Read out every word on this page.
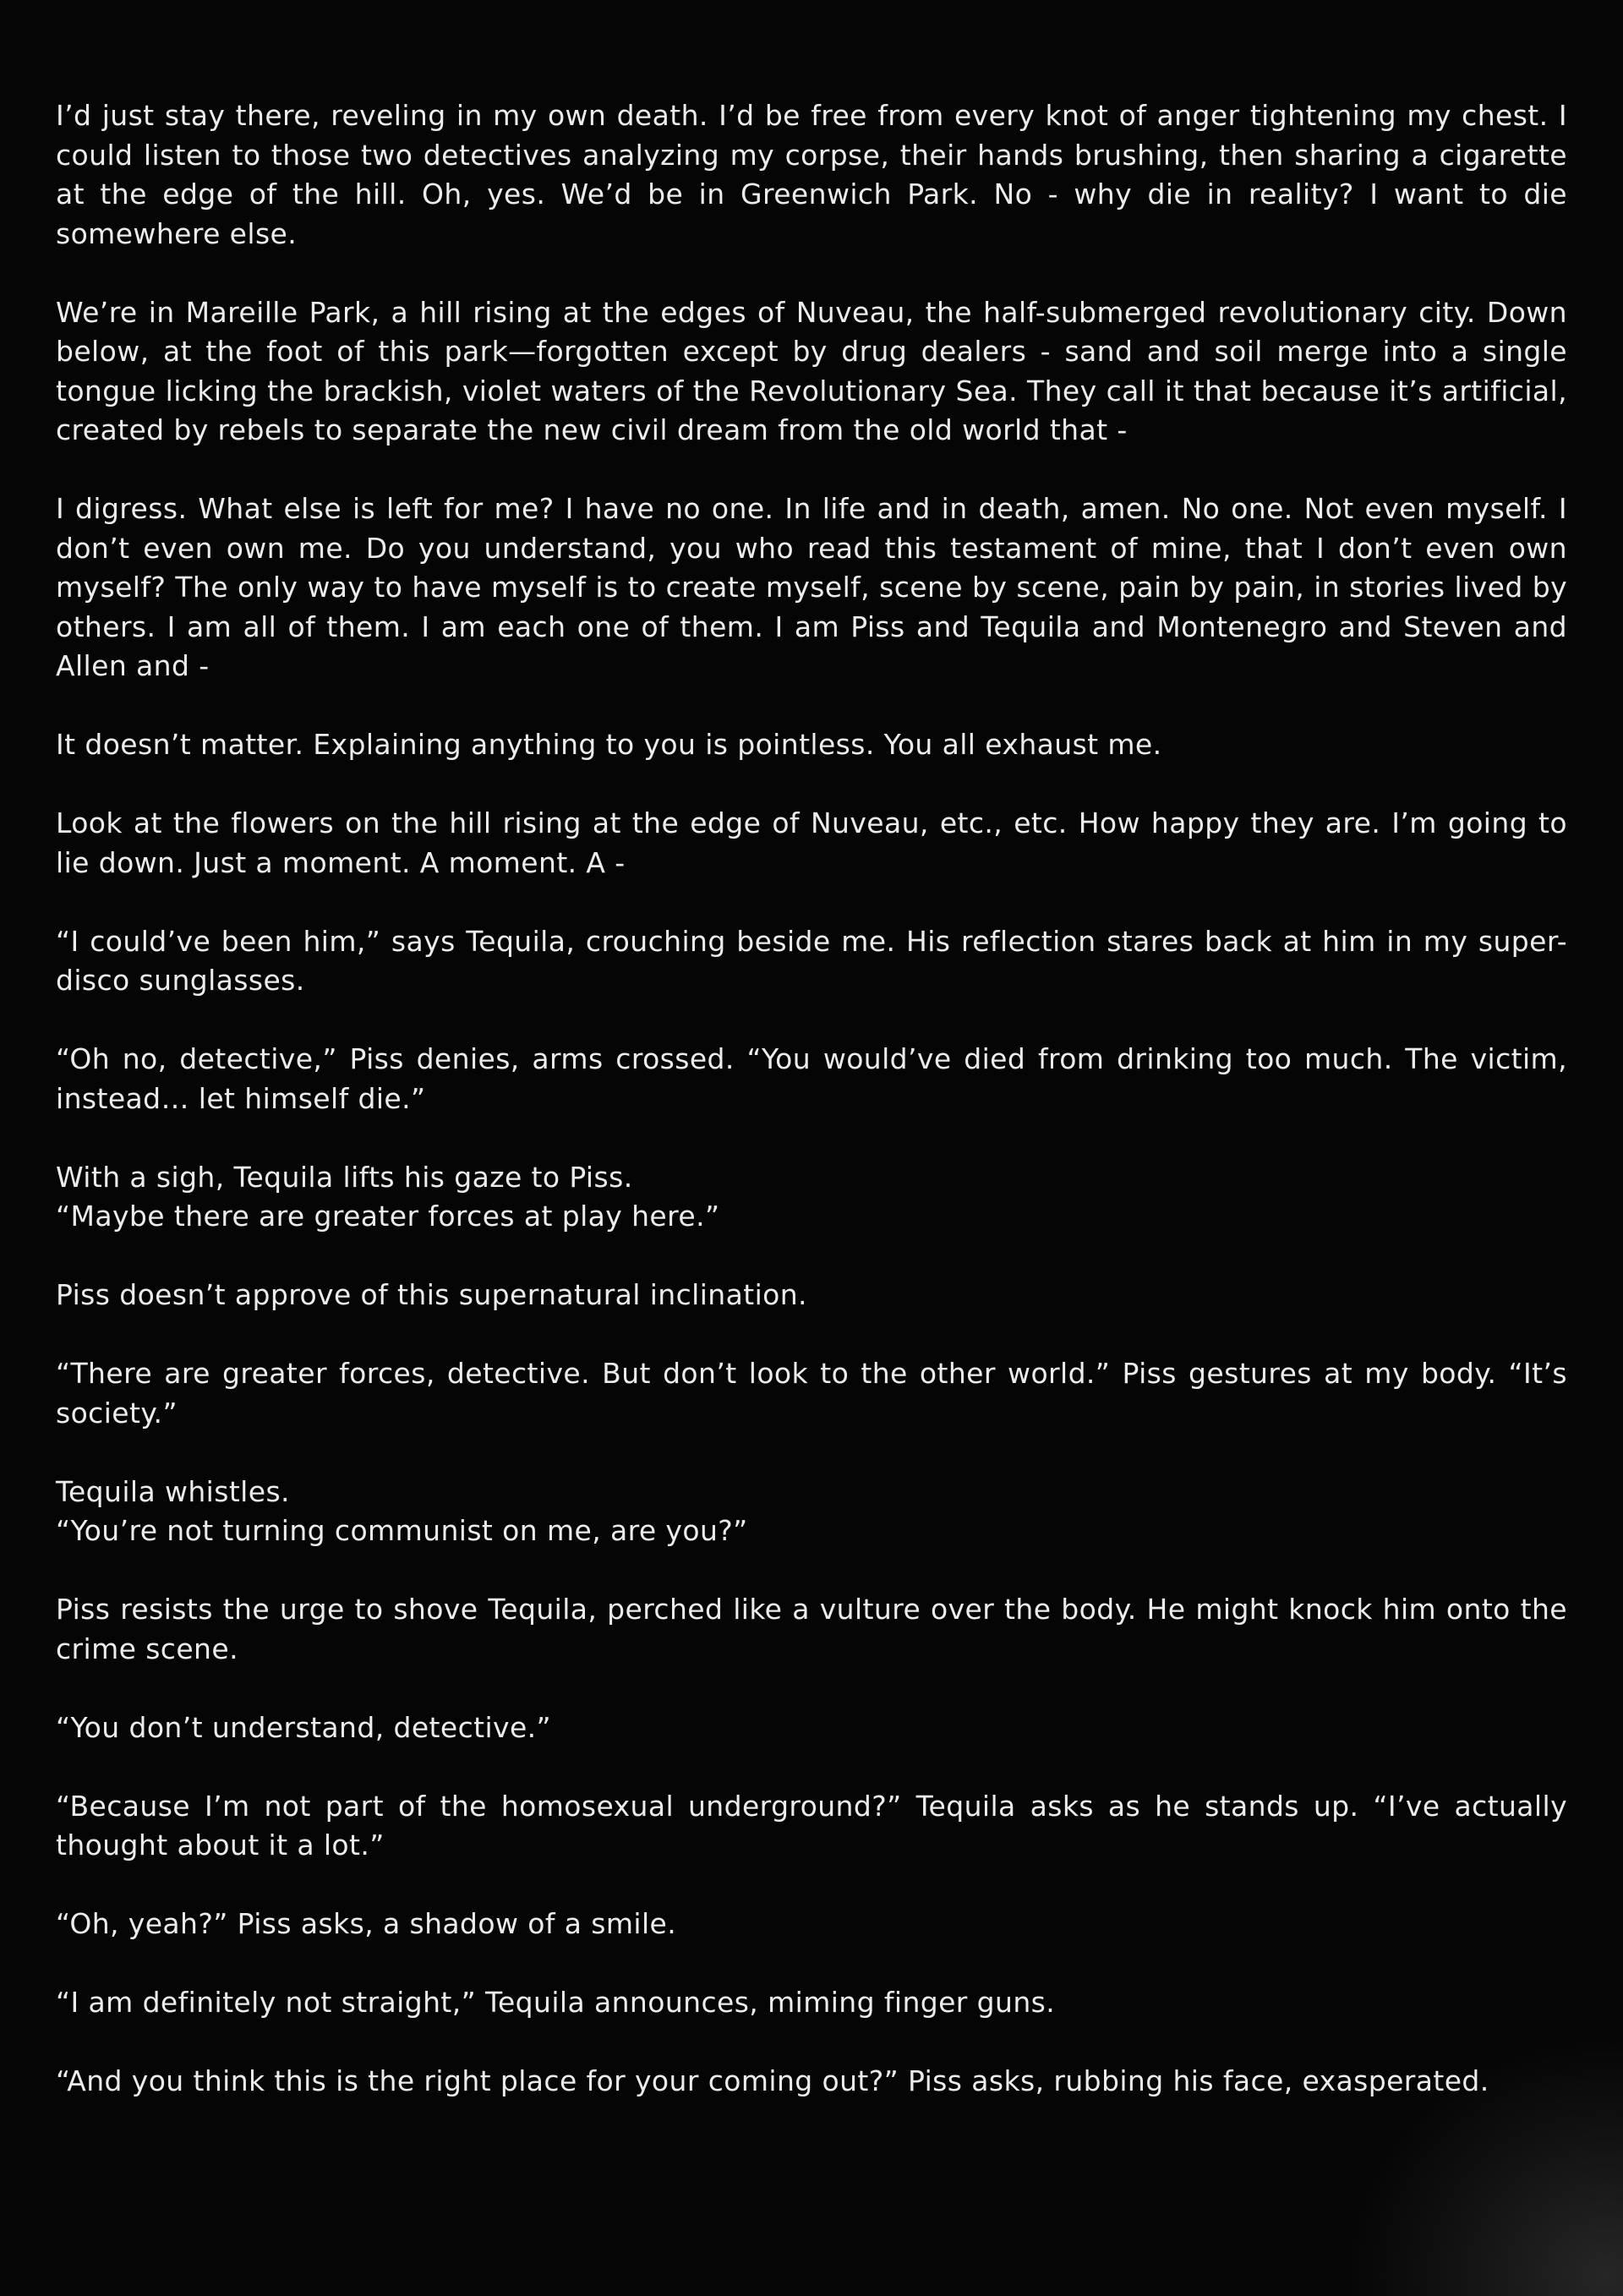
I’d just stay there, reveling in my own death. I’d be free from every knot of anger tightening my chest. I could listen to those two detectives analyzing my corpse, their hands brushing, then sharing a cigarette at the edge of the hill. Oh, yes. We’d be in Greenwich Park. No - why die in reality? I want to die somewhere else.

We’re in Mareille Park, a hill rising at the edges of Nuveau, the half-submerged revolutionary city. Down below, at the foot of this park—forgotten except by drug dealers - sand and soil merge into a single tongue licking the brackish, violet waters of the Revolutionary Sea. They call it that because it’s artificial, created by rebels to separate the new civil dream from the old world that -

I digress. What else is left for me? I have no one. In life and in death, amen. No one. Not even myself. I don’t even own me. Do you understand, you who read this testament of mine, that I don’t even own myself? The only way to have myself is to create myself, scene by scene, pain by pain, in stories lived by others. I am all of them. I am each one of them. I am Piss and Tequila and Montenegro and Steven and Allen and -

It doesn’t matter. Explaining anything to you is pointless. You all exhaust me.

Look at the flowers on the hill rising at the edge of Nuveau, etc., etc. How happy they are. I’m going to lie down. Just a moment. A moment. A -

“I could’ve been him,” says Tequila, crouching beside me. His reflection stares back at him in my super-disco sunglasses.

“Oh no, detective,” Piss denies, arms crossed. “You would’ve died from drinking too much. The victim, instead… let himself die.”

With a sigh, Tequila lifts his gaze to Piss.
“Maybe there are greater forces at play here.”

Piss doesn’t approve of this supernatural inclination.

“There are greater forces, detective. But don’t look to the other world.” Piss gestures at my body. “It’s society.”

Tequila whistles.
“You’re not turning communist on me, are you?”

Piss resists the urge to shove Tequila, perched like a vulture over the body. He might knock him onto the crime scene.

“You don’t understand, detective.”

“Because I’m not part of the homosexual underground?” Tequila asks as he stands up. “I’ve actually thought about it a lot.”

“Oh, yeah?” Piss asks, a shadow of a smile.

“I am definitely not straight,” Tequila announces, miming finger guns.

“And you think this is the right place for your coming out?” Piss asks, rubbing his face, exasperated.
